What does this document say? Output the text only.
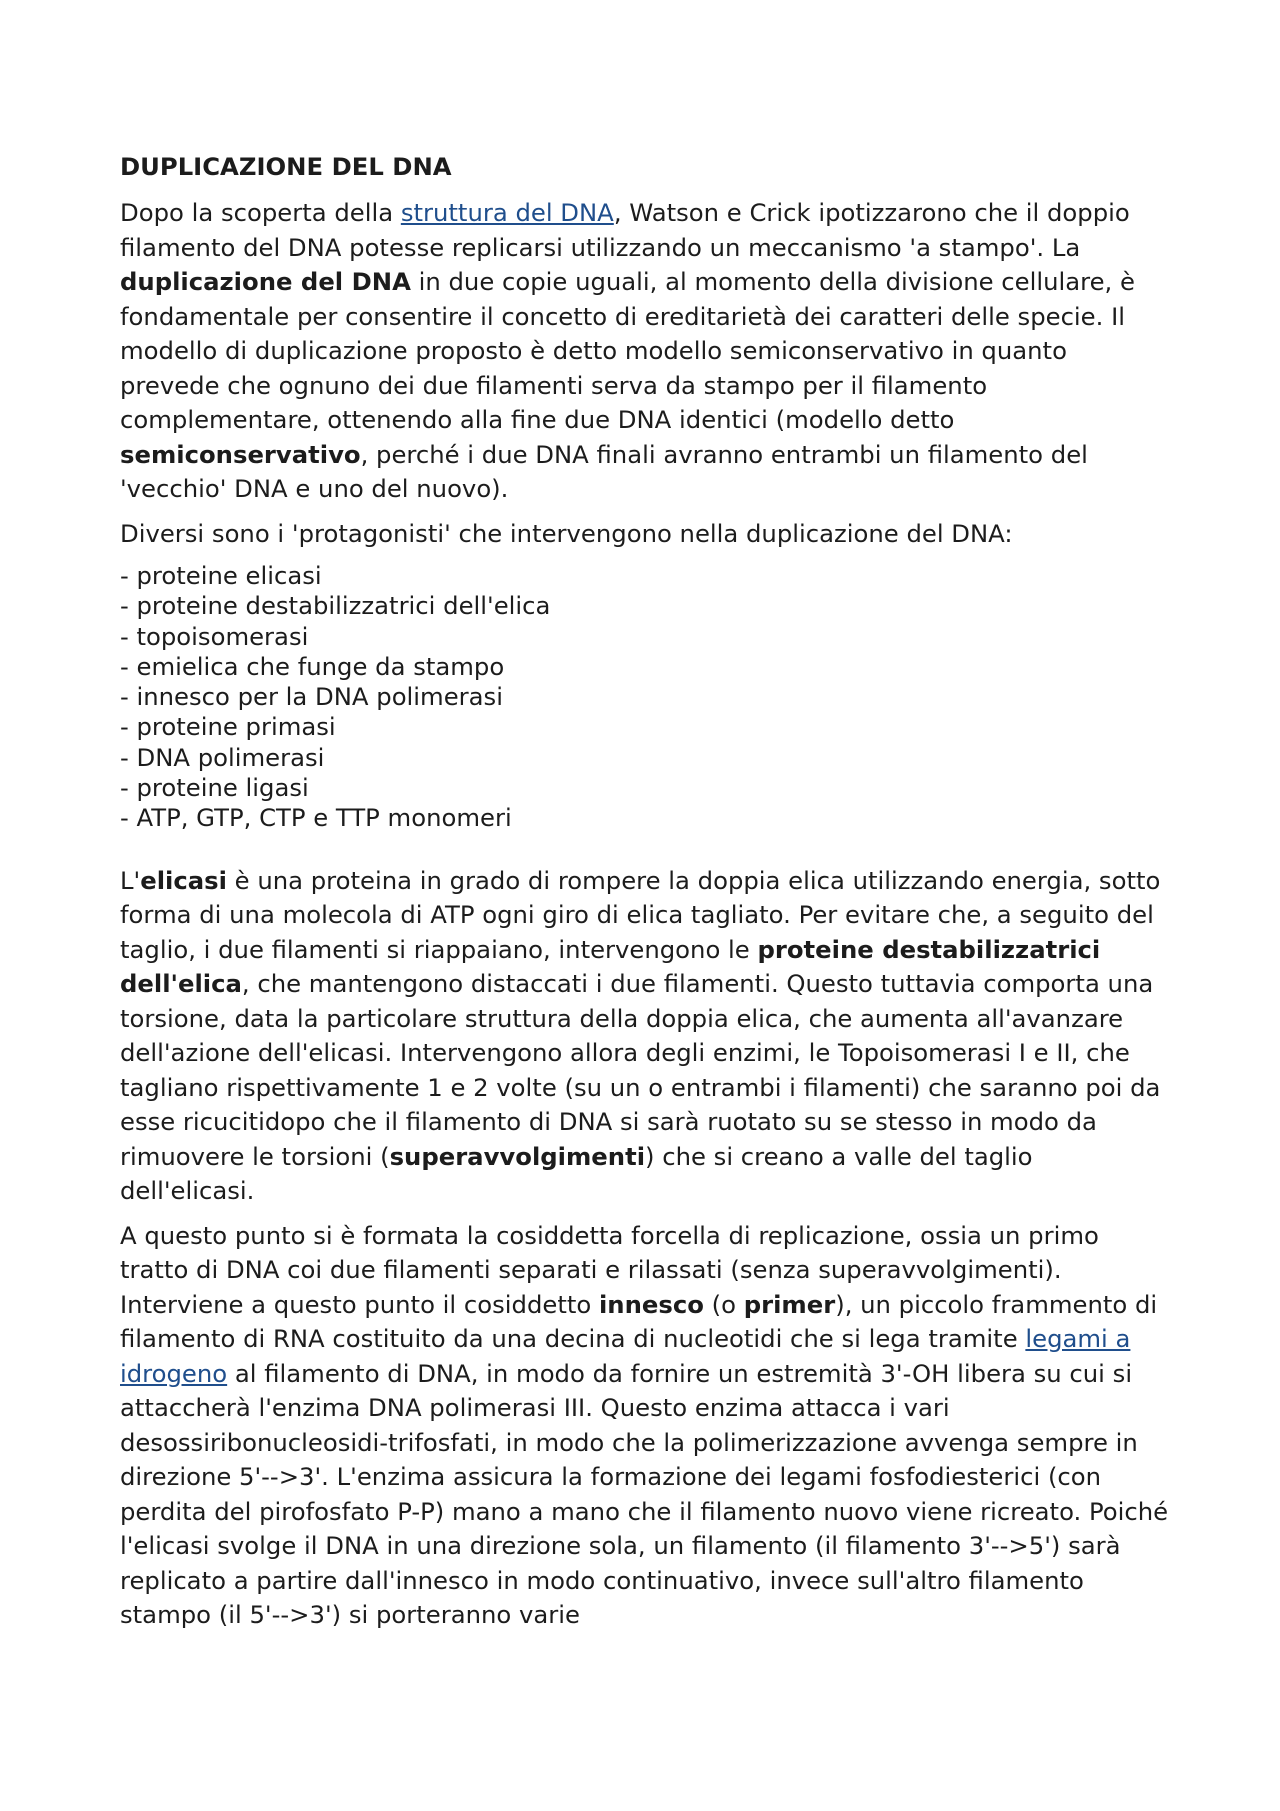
DUPLICAZIONE DEL DNA

Dopo la scoperta della struttura del DNA, Watson e Crick ipotizzarono che il doppio filamento del DNA potesse replicarsi utilizzando un meccanismo 'a stampo'. La duplicazione del DNA in due copie uguali, al momento della divisione cellulare, è fondamentale per consentire il concetto di ereditarietà dei caratteri delle specie. Il modello di duplicazione proposto è detto modello semiconservativo in quanto prevede che ognuno dei due filamenti serva da stampo per il filamento complementare, ottenendo alla fine due DNA identici (modello detto semiconservativo, perché i due DNA finali avranno entrambi un filamento del 'vecchio' DNA e uno del nuovo).

Diversi sono i 'protagonisti' che intervengono nella duplicazione del DNA:

- proteine elicasi
- proteine destabilizzatrici dell'elica
- topoisomerasi
- emielica che funge da stampo
- innesco per la DNA polimerasi
- proteine primasi
- DNA polimerasi
- proteine ligasi
- ATP, GTP, CTP e TTP monomeri

L'elicasi è una proteina in grado di rompere la doppia elica utilizzando energia, sotto forma di una molecola di ATP ogni giro di elica tagliato. Per evitare che, a seguito del taglio, i due filamenti si riappaiano, intervengono le proteine destabilizzatrici dell'elica, che mantengono distaccati i due filamenti. Questo tuttavia comporta una torsione, data la particolare struttura della doppia elica, che aumenta all'avanzare dell'azione dell'elicasi. Intervengono allora degli enzimi, le Topoisomerasi I e II, che tagliano rispettivamente 1 e 2 volte (su un o entrambi i filamenti) che saranno poi da esse ricucitidopo che il filamento di DNA si sarà ruotato su se stesso in modo da rimuovere le torsioni (superavvolgimenti) che si creano a valle del taglio dell'elicasi.

A questo punto si è formata la cosiddetta forcella di replicazione, ossia un primo tratto di DNA coi due filamenti separati e rilassati (senza superavvolgimenti). Interviene a questo punto il cosiddetto innesco (o primer), un piccolo frammento di filamento di RNA costituito da una decina di nucleotidi che si lega tramite legami a idrogeno al filamento di DNA, in modo da fornire un estremità 3'-OH libera su cui si attaccherà l'enzima DNA polimerasi III. Questo enzima attacca i vari desossiribonucleosidi-trifosfati, in modo che la polimerizzazione avvenga sempre in direzione 5'-->3'. L'enzima assicura la formazione dei legami fosfodiesterici (con perdita del pirofosfato P-P) mano a mano che il filamento nuovo viene ricreato. Poiché l'elicasi svolge il DNA in una direzione sola, un filamento (il filamento 3'-->5') sarà replicato a partire dall'innesco in modo continuativo, invece sull'altro filamento stampo (il 5'-->3') si porteranno varie
